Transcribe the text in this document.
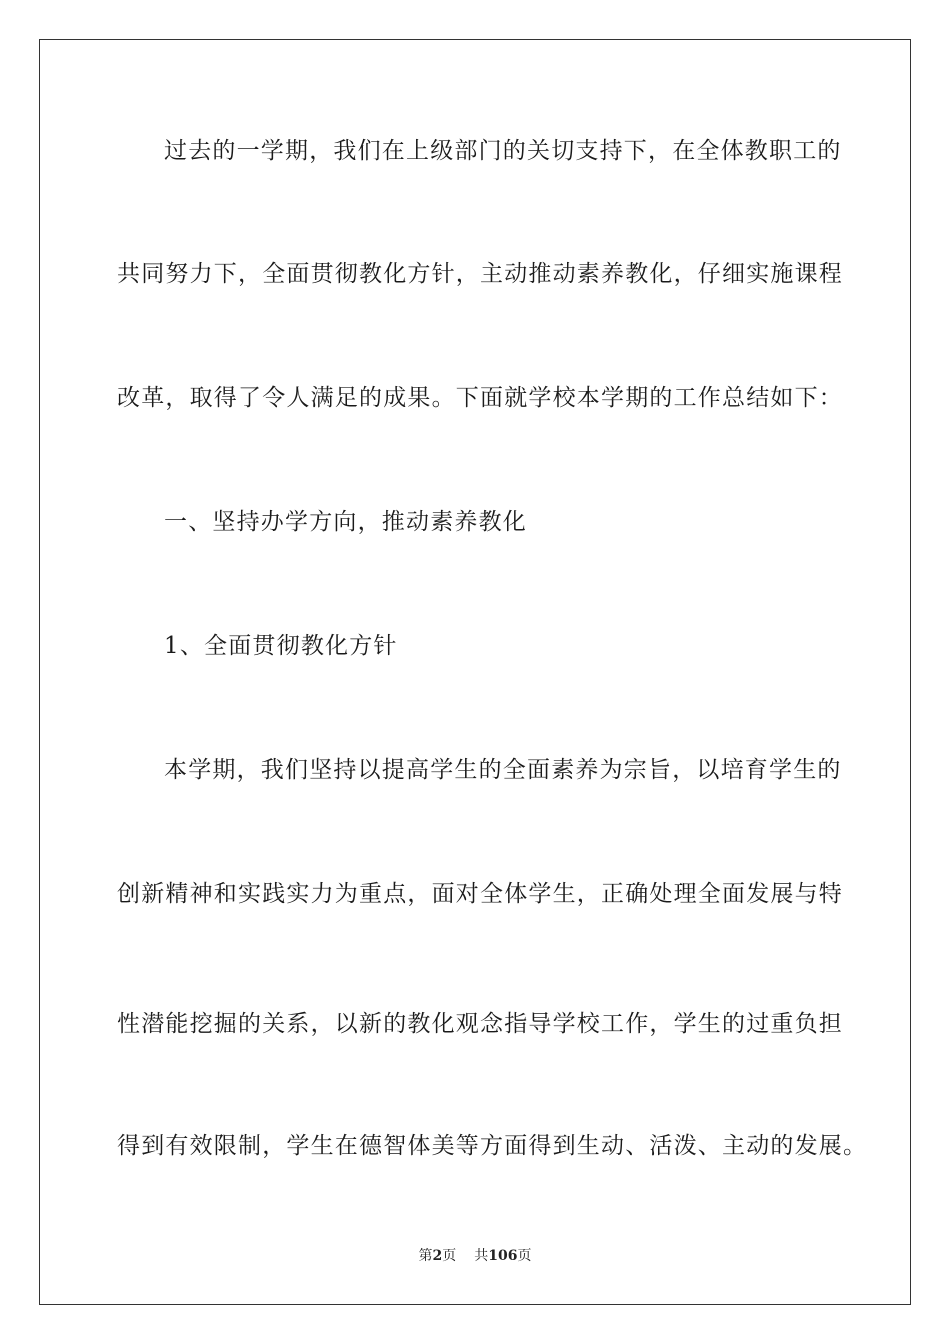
过去的一学期，我们在上级部门的关切支持下，在全体教职工的
共同努力下，全面贯彻教化方针，主动推动素养教化，仔细实施课程
改革，取得了令人满足的成果。下面就学校本学期的工作总结如下：
一、坚持办学方向，推动素养教化
1、全面贯彻教化方针
本学期，我们坚持以提高学生的全面素养为宗旨，以培育学生的
创新精神和实践实力为重点，面对全体学生，正确处理全面发展与特
性潜能挖掘的关系，以新的教化观念指导学校工作，学生的过重负担
得到有效限制，学生在德智体美等方面得到生动、活泼、主动的发展。
第2页 共106页
